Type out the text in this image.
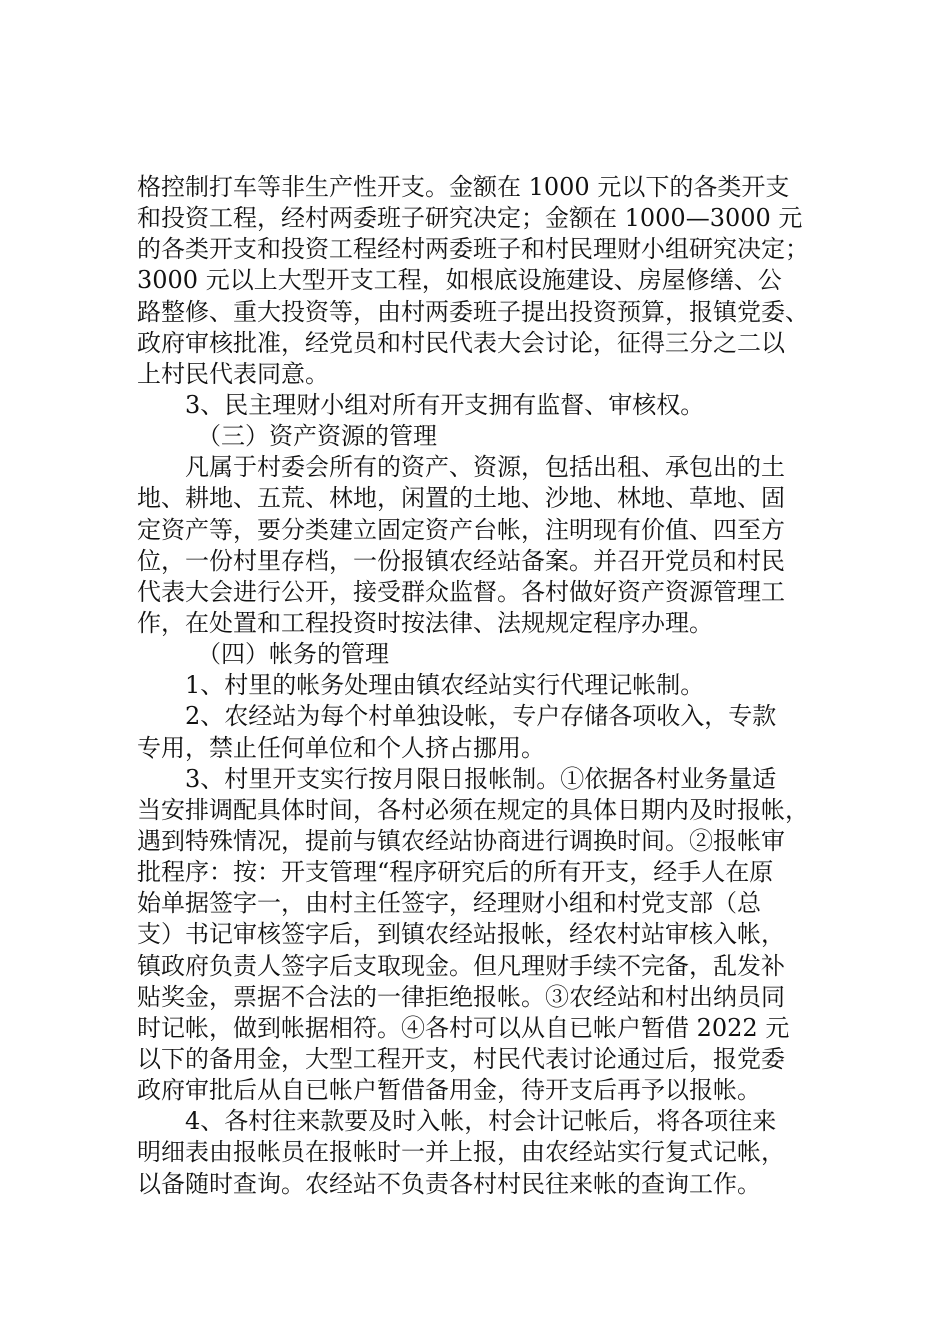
格控制打车等非生产性开支。金额在 1000 元以下的各类开支
和投资工程，经村两委班子研究决定；金额在 1000—3000 元
的各类开支和投资工程经村两委班子和村民理财小组研究决定；
3000 元以上大型开支工程，如根底设施建设、房屋修缮、公
路整修、重大投资等，由村两委班子提出投资预算，报镇党委、
政府审核批准，经党员和村民代表大会讨论，征得三分之二以
上村民代表同意。
3、民主理财小组对所有开支拥有监督、审核权。
（三）资产资源的管理
凡属于村委会所有的资产、资源，包括出租、承包出的土
地、耕地、五荒、林地，闲置的土地、沙地、林地、草地、固
定资产等，要分类建立固定资产台帐，注明现有价值、四至方
位，一份村里存档，一份报镇农经站备案。并召开党员和村民
代表大会进行公开，接受群众监督。各村做好资产资源管理工
作，在处置和工程投资时按法律、法规规定程序办理。
（四）帐务的管理
1、村里的帐务处理由镇农经站实行代理记帐制。
2、农经站为每个村单独设帐，专户存储各项收入，专款
专用，禁止任何单位和个人挤占挪用。
3、村里开支实行按月限日报帐制。①依据各村业务量适
当安排调配具体时间，各村必须在规定的具体日期内及时报帐，
遇到特殊情况，提前与镇农经站协商进行调换时间。②报帐审
批程序：按：开支管理“程序研究后的所有开支，经手人在原
始单据签字一，由村主任签字，经理财小组和村党支部（总
支）书记审核签字后，到镇农经站报帐，经农村站审核入帐，
镇政府负责人签字后支取现金。但凡理财手续不完备，乱发补
贴奖金，票据不合法的一律拒绝报帐。③农经站和村出纳员同
时记帐，做到帐据相符。④各村可以从自已帐户暂借 2022 元
以下的备用金，大型工程开支，村民代表讨论通过后，报党委
政府审批后从自已帐户暂借备用金，待开支后再予以报帐。
4、各村往来款要及时入帐，村会计记帐后，将各项往来
明细表由报帐员在报帐时一并上报，由农经站实行复式记帐，
以备随时查询。农经站不负责各村村民往来帐的查询工作。
